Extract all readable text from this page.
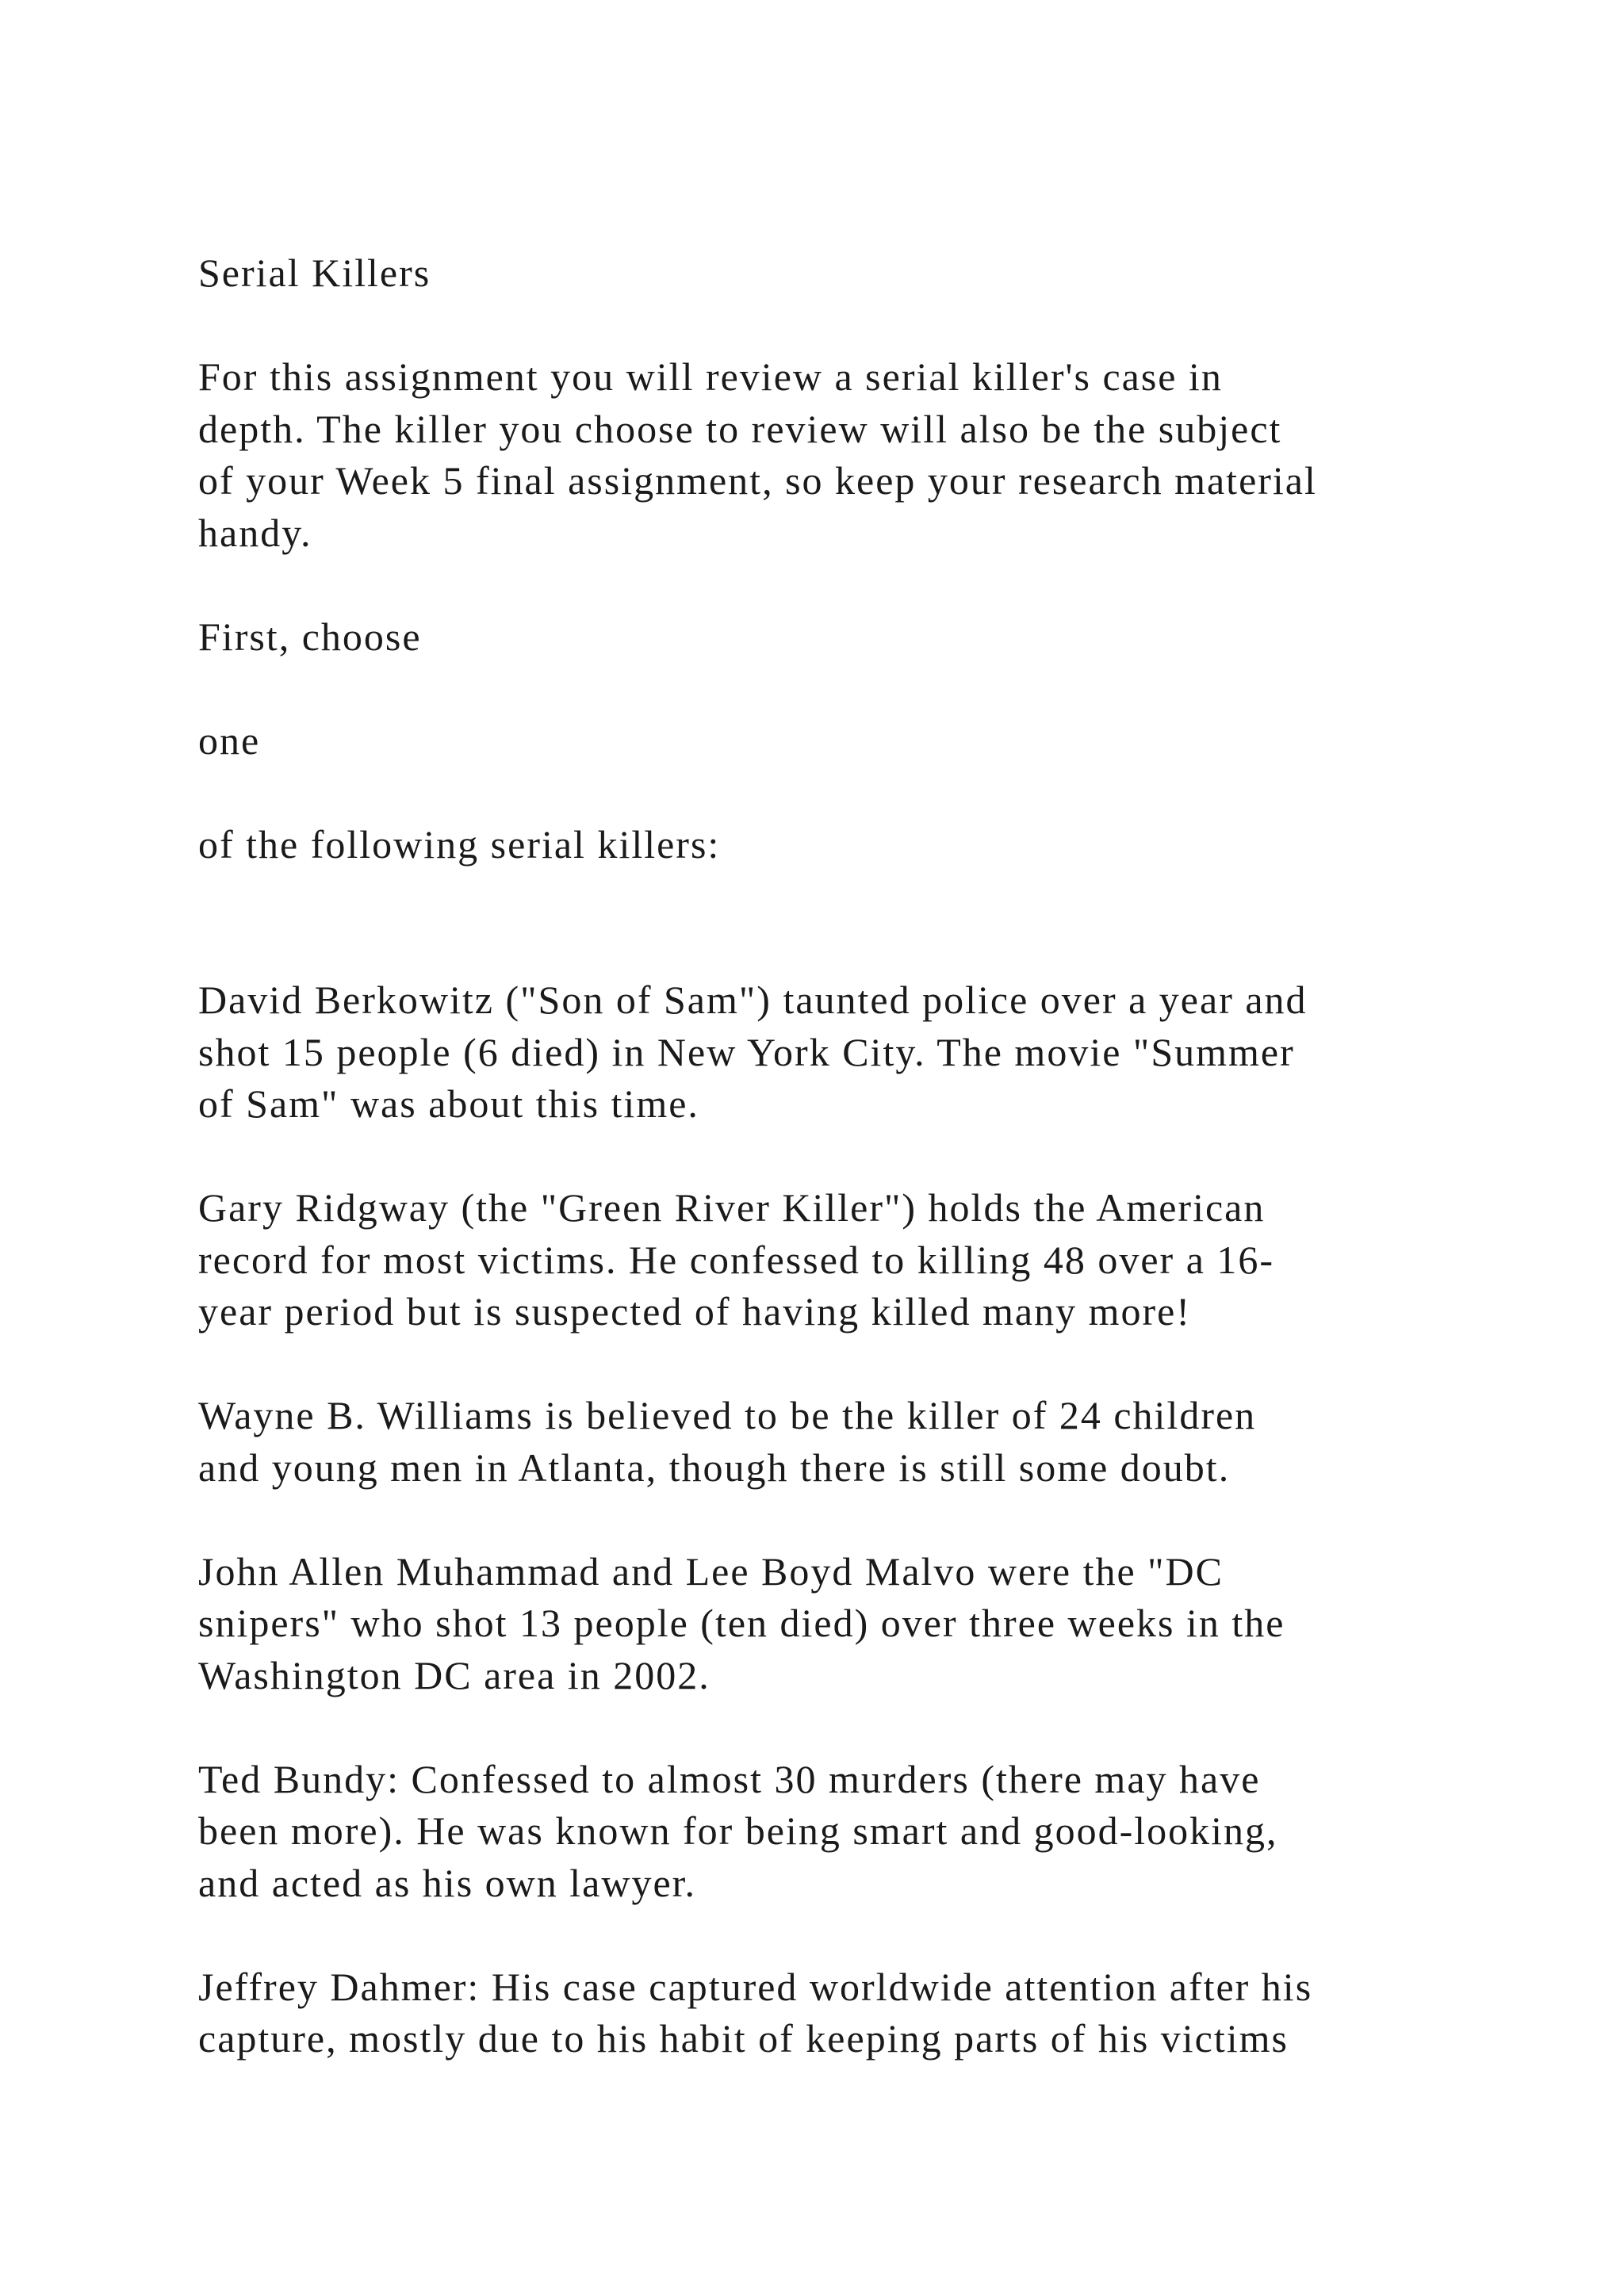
Serial Killers
For this assignment you will review a serial killer's case in
depth. The killer you choose to review will also be the subject
of your Week 5 final assignment, so keep your research material
handy.
First, choose
one
of the following serial killers:
David Berkowitz ("Son of Sam") taunted police over a year and
shot 15 people (6 died) in New York City. The movie "Summer
of Sam" was about this time.
Gary Ridgway (the "Green River Killer") holds the American
record for most victims. He confessed to killing 48 over a 16-
year period but is suspected of having killed many more!
Wayne B. Williams is believed to be the killer of 24 children
and young men in Atlanta, though there is still some doubt.
John Allen Muhammad and Lee Boyd Malvo were the "DC
snipers" who shot 13 people (ten died) over three weeks in the
Washington DC area in 2002.
Ted Bundy: Confessed to almost 30 murders (there may have
been more). He was known for being smart and good-looking,
and acted as his own lawyer.
Jeffrey Dahmer: His case captured worldwide attention after his
capture, mostly due to his habit of keeping parts of his victims
